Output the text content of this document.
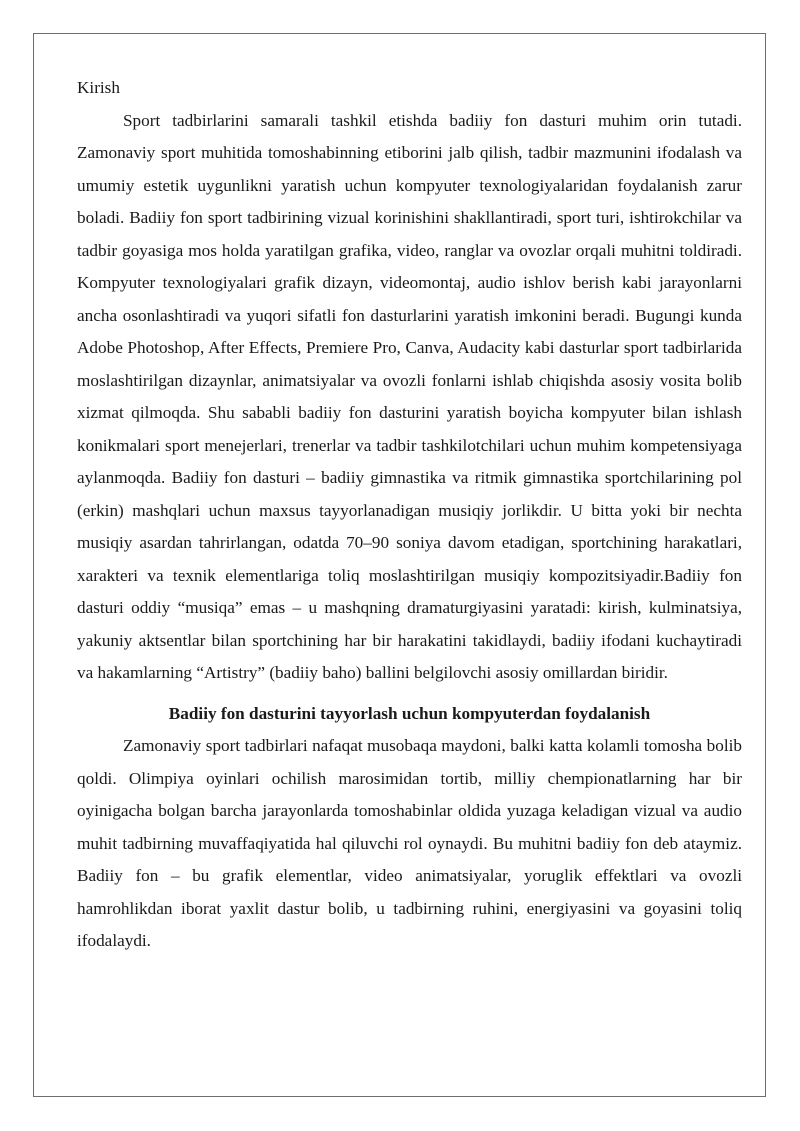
Kirish

Sport tadbirlarini samarali tashkil etishda badiiy fon dasturi muhim orin tutadi. Zamonaviy sport muhitida tomoshabinning etiborini jalb qilish, tadbir mazmunini ifodalash va umumiy estetik uygunlikni yaratish uchun kompyuter texnologiyalaridan foydalanish zarur boladi. Badiiy fon sport tadbirining vizual korinishini shakllantiradi, sport turi, ishtirokchilar va tadbir goyasiga mos holda yaratilgan grafika, video, ranglar va ovozlar orqali muhitni toldiradi. Kompyuter texnologiyalari grafik dizayn, videomontaj, audio ishlov berish kabi jarayonlarni ancha osonlashtiradi va yuqori sifatli fon dasturlarini yaratish imkonini beradi. Bugungi kunda Adobe Photoshop, After Effects, Premiere Pro, Canva, Audacity kabi dasturlar sport tadbirlarida moslashtirilgan dizaynlar, animatsiyalar va ovozli fonlarni ishlab chiqishda asosiy vosita bolib xizmat qilmoqda. Shu sababli badiiy fon dasturini yaratish boyicha kompyuter bilan ishlash konikmalari sport menejerlari, trenerlar va tadbir tashkilotchilari uchun muhim kompetensiyaga aylanmoqda. Badiiy fon dasturi – badiiy gimnastika va ritmik gimnastika sportchilarining pol (erkin) mashqlari uchun maxsus tayyorlanadigan musiqiy jorlikdir. U bitta yoki bir nechta musiqiy asardan tahrirlangan, odatda 70–90 soniya davom etadigan, sportchining harakatlari, xarakteri va texnik elementlariga toliq moslashtirilgan musiqiy kompozitsiyadir.Badiiy fon dasturi oddiy “musiqa” emas – u mashqning dramaturgiyasini yaratadi: kirish, kulminatsiya, yakuniy aktsentlar bilan sportchining har bir harakatini takidlaydi, badiiy ifodani kuchaytiradi va hakamlarning “Artistry” (badiiy baho) ballini belgilovchi asosiy omillardan biridir.

Badiiy fon dasturini tayyorlash uchun kompyuterdan foydalanish

Zamonaviy sport tadbirlari nafaqat musobaqa maydoni, balki katta kolamli tomosha bolib qoldi. Olimpiya oyinlari ochilish marosimidan tortib, milliy chempionatlarning har bir oyinigacha bolgan barcha jarayonlarda tomoshabinlar oldida yuzaga keladigan vizual va audio muhit tadbirning muvaffaqiyatida hal qiluvchi rol oynaydi. Bu muhitni badiiy fon deb ataymiz. Badiiy fon – bu grafik elementlar, video animatsiyalar, yoruglik effektlari va ovozli hamrohlikdan iborat yaxlit dastur bolib, u tadbirning ruhini, energiyasini va goyasini toliq ifodalaydi.
